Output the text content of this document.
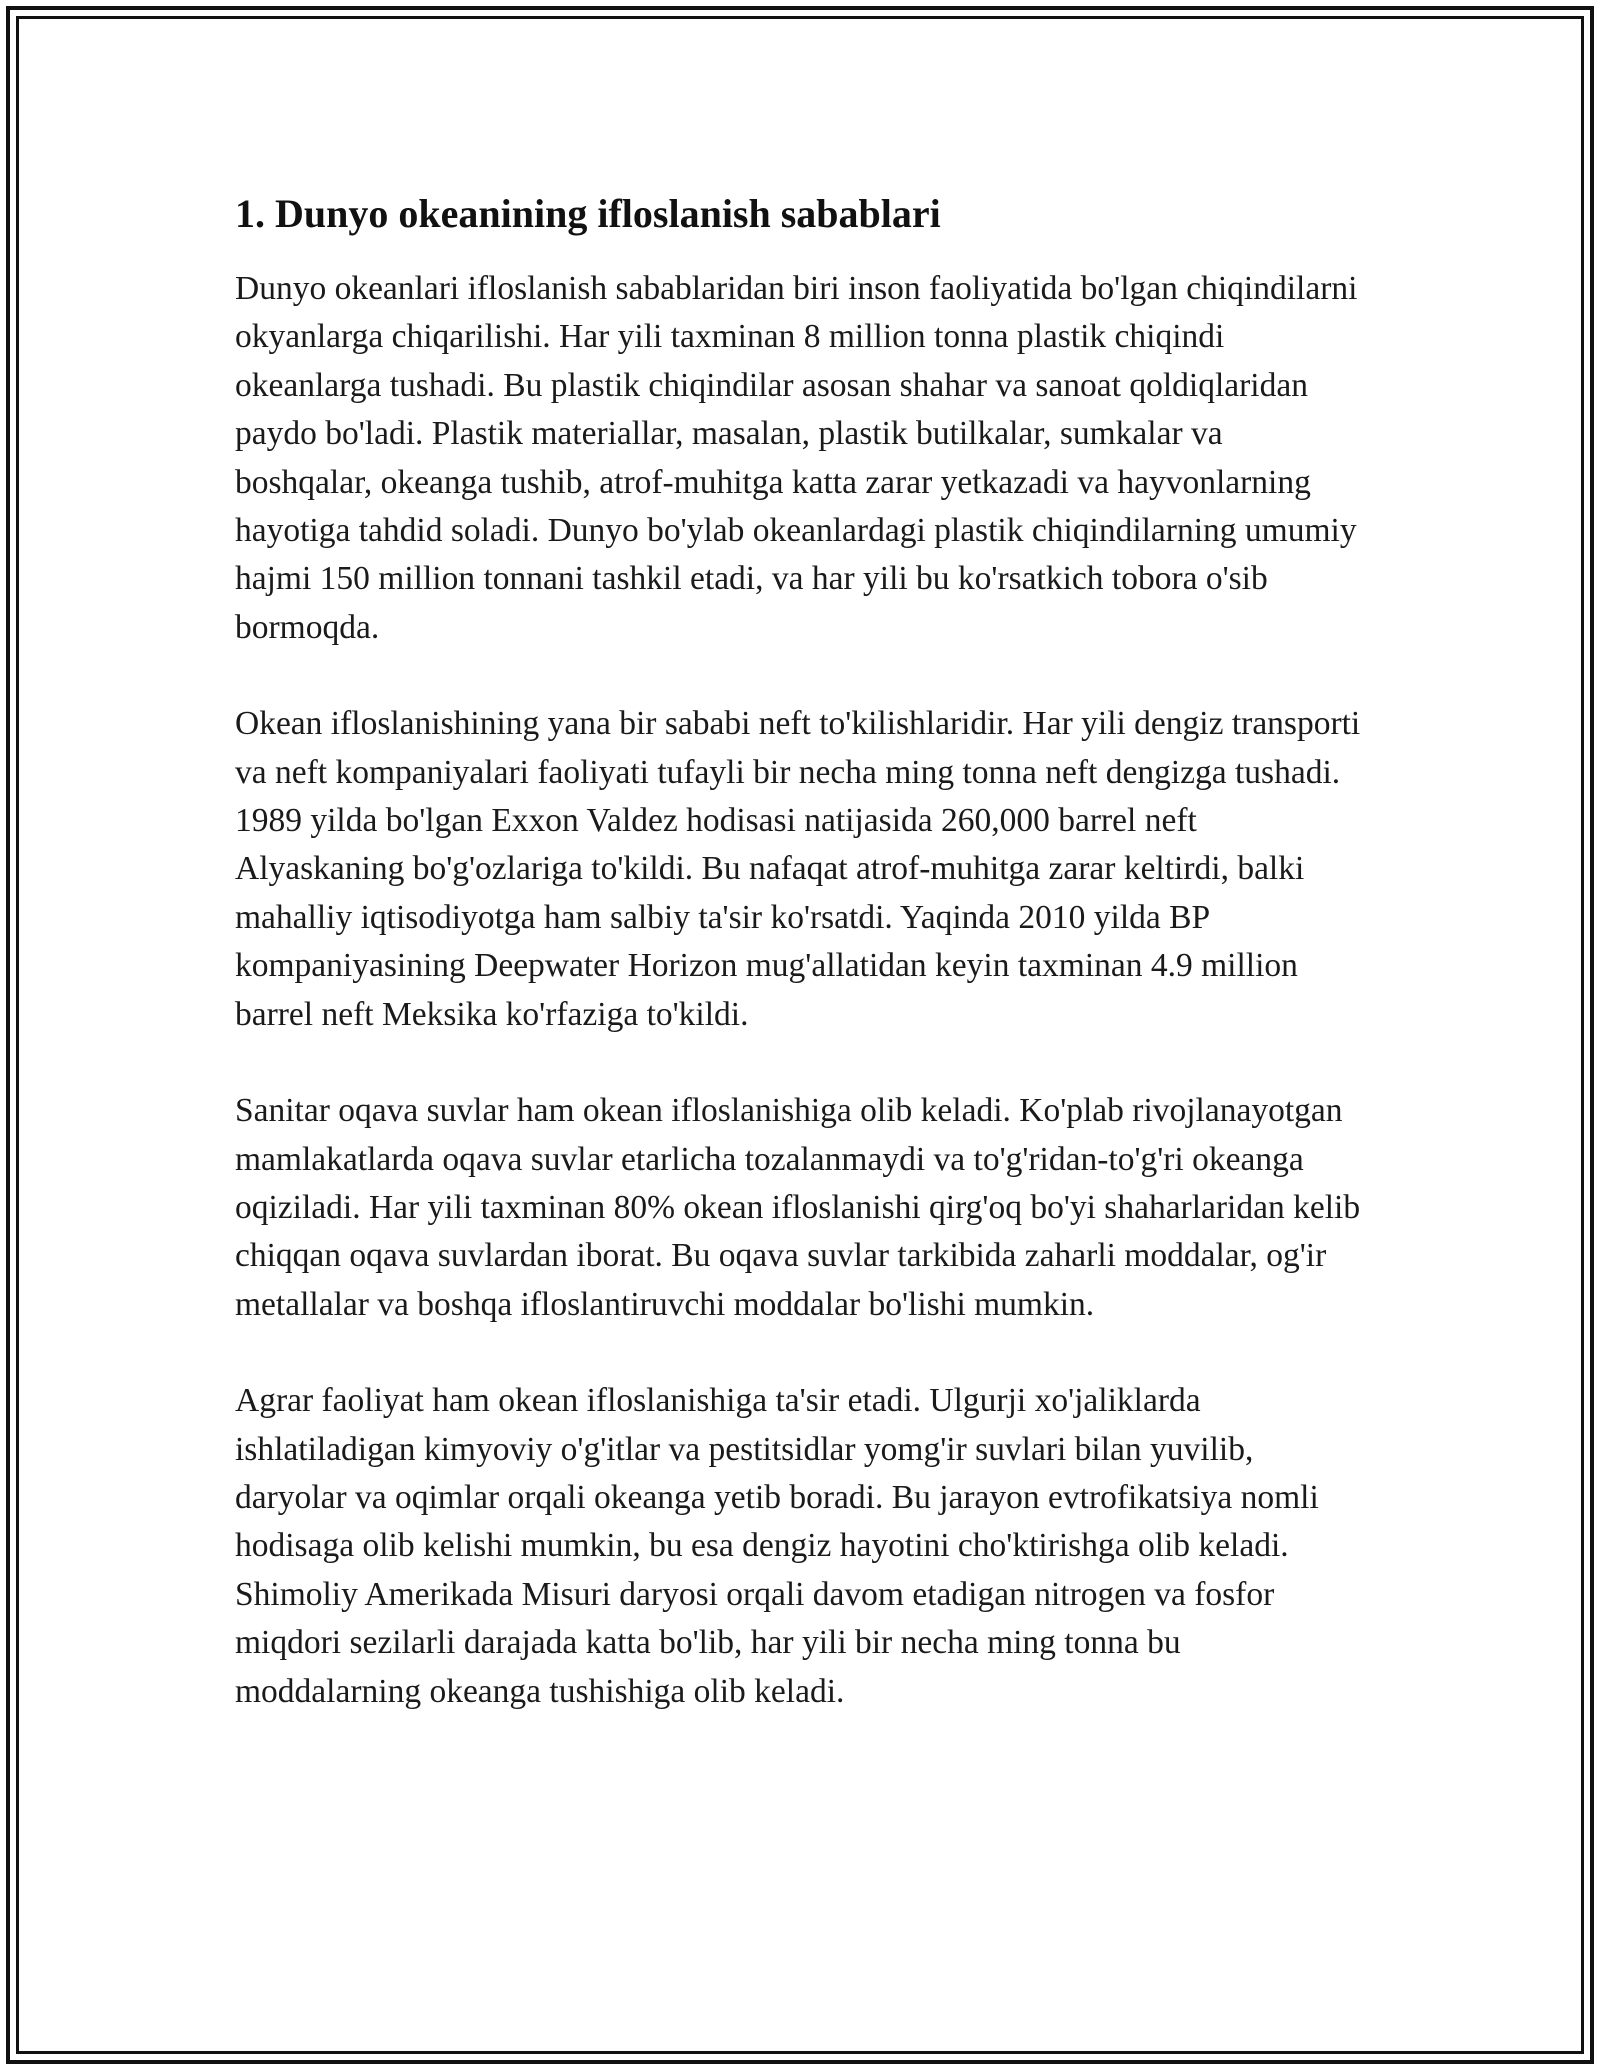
1. Dunyo okeanining ifloslanish sabablari

Dunyo okeanlari ifloslanish sabablaridan biri inson faoliyatida bo'lgan chiqindilarni okyanlarga chiqarilishi. Har yili taxminan 8 million tonna plastik chiqindi okeanlarga tushadi. Bu plastik chiqindilar asosan shahar va sanoat qoldiqlaridan paydo bo'ladi. Plastik materiallar, masalan, plastik butilkalar, sumkalar va boshqalar, okeanga tushib, atrof-muhitga katta zarar yetkazadi va hayvonlarning hayotiga tahdid soladi. Dunyo bo'ylab okeanlardagi plastik chiqindilarning umumiy hajmi 150 million tonnani tashkil etadi, va har yili bu ko'rsatkich tobora o'sib bormoqda.

Okean ifloslanishining yana bir sababi neft to'kilishlaridir. Har yili dengiz transporti va neft kompaniyalari faoliyati tufayli bir necha ming tonna neft dengizga tushadi. 1989 yilda bo'lgan Exxon Valdez hodisasi natijasida 260,000 barrel neft Alyaskaning bo'g'ozlariga to'kildi. Bu nafaqat atrof-muhitga zarar keltirdi, balki mahalliy iqtisodiyotga ham salbiy ta'sir ko'rsatdi. Yaqinda 2010 yilda BP kompaniyasining Deepwater Horizon mug'allatidan keyin taxminan 4.9 million barrel neft Meksika ko'rfaziga to'kildi.

Sanitar oqava suvlar ham okean ifloslanishiga olib keladi. Ko'plab rivojlanayotgan mamlakatlarda oqava suvlar etarlicha tozalanmaydi va to'g'ridan-to'g'ri okeanga oqiziladi. Har yili taxminan 80% okean ifloslanishi qirg'oq bo'yi shaharlaridan kelib chiqqan oqava suvlardan iborat. Bu oqava suvlar tarkibida zaharli moddalar, og'ir metallalar va boshqa ifloslantiruvchi moddalar bo'lishi mumkin.

Agrar faoliyat ham okean ifloslanishiga ta'sir etadi. Ulgurji xo'jaliklarda ishlatiladigan kimyoviy o'g'itlar va pestitsidlar yomg'ir suvlari bilan yuvilib, daryolar va oqimlar orqali okeanga yetib boradi. Bu jarayon evtrofikatsiya nomli hodisaga olib kelishi mumkin, bu esa dengiz hayotini cho'ktirishga olib keladi. Shimoliy Amerikada Misuri daryosi orqali davom etadigan nitrogen va fosfor miqdori sezilarli darajada katta bo'lib, har yili bir necha ming tonna bu moddalarning okeanga tushishiga olib keladi.
